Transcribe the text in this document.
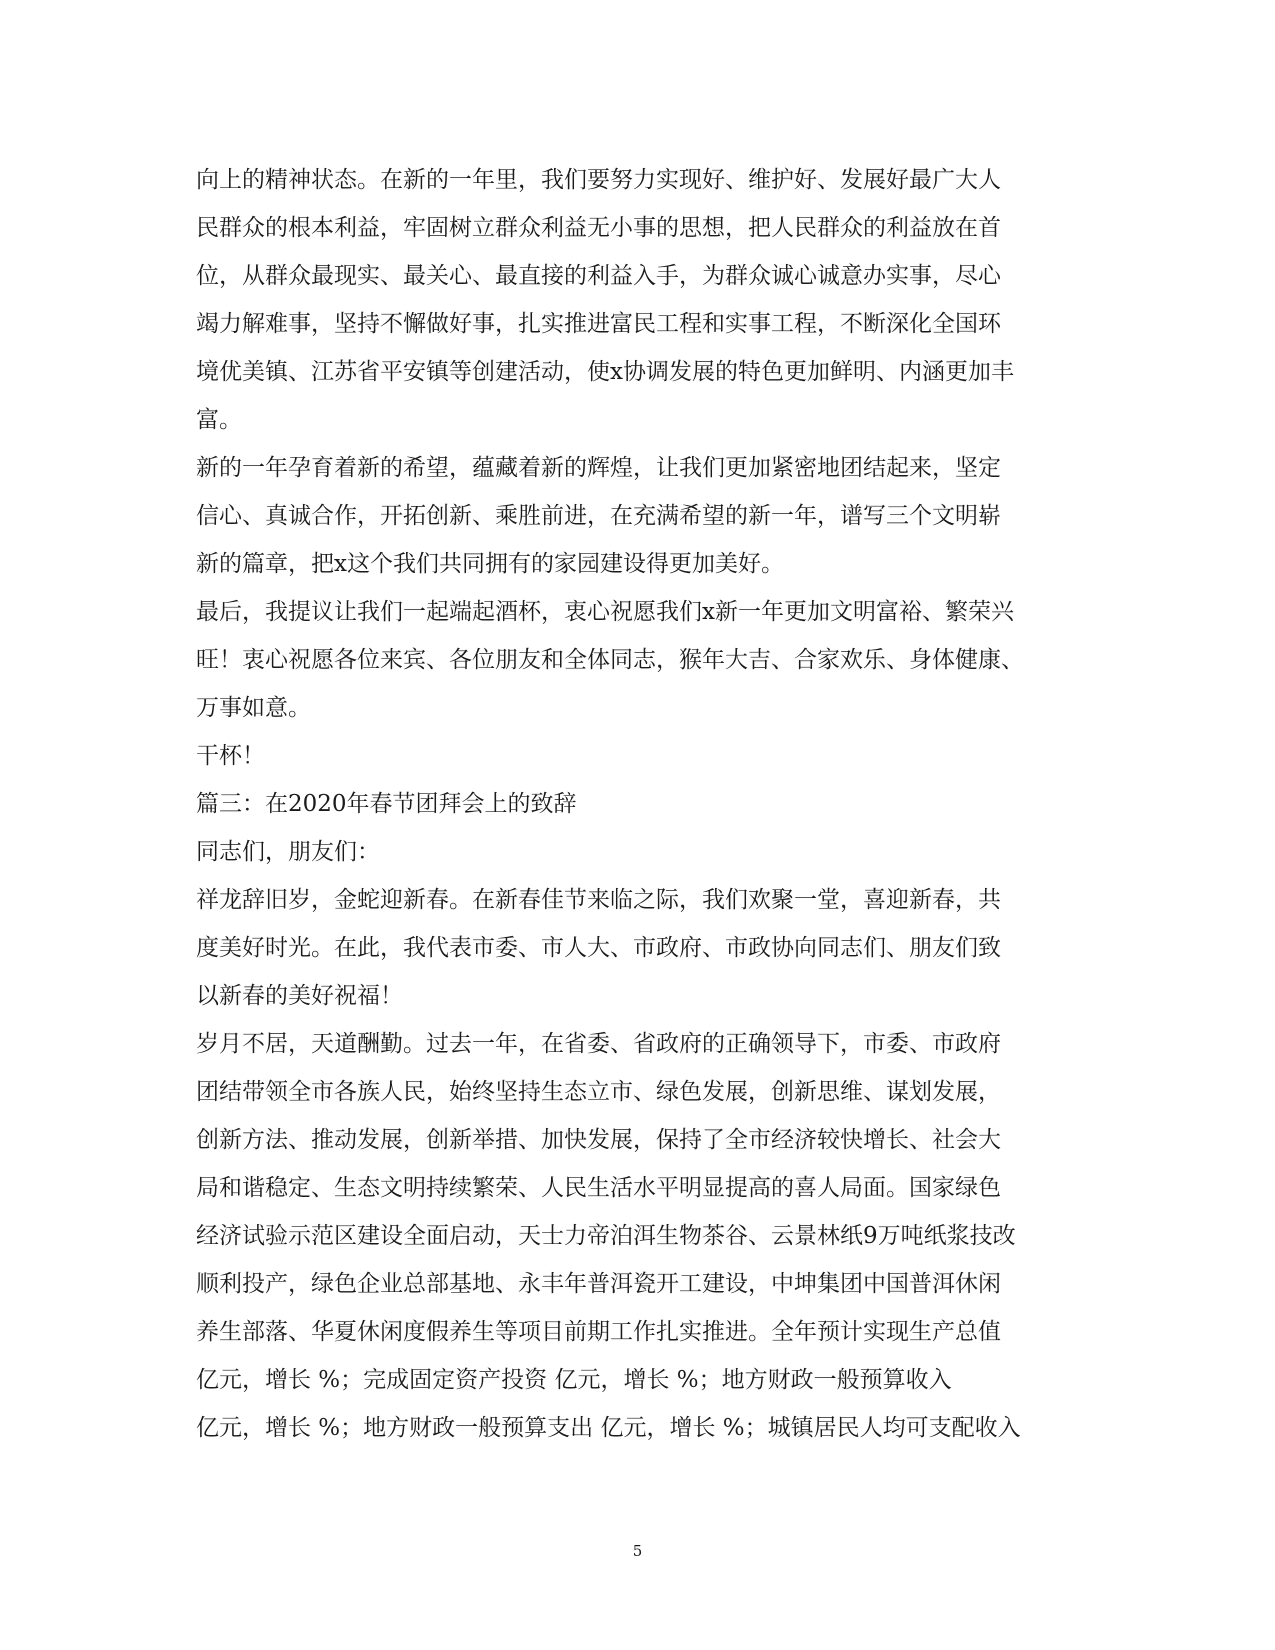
向上的精神状态。在新的一年里，我们要努力实现好、维护好、发展好最广大人
民群众的根本利益，牢固树立群众利益无小事的思想，把人民群众的利益放在首
位，从群众最现实、最关心、最直接的利益入手，为群众诚心诚意办实事，尽心
竭力解难事，坚持不懈做好事，扎实推进富民工程和实事工程，不断深化全国环
境优美镇、江苏省平安镇等创建活动，使x协调发展的特色更加鲜明、内涵更加丰
富。
新的一年孕育着新的希望，蕴藏着新的辉煌，让我们更加紧密地团结起来，坚定
信心、真诚合作，开拓创新、乘胜前进，在充满希望的新一年，谱写三个文明崭
新的篇章，把x这个我们共同拥有的家园建设得更加美好。
最后，我提议让我们一起端起酒杯，衷心祝愿我们x新一年更加文明富裕、繁荣兴
旺！衷心祝愿各位来宾、各位朋友和全体同志，猴年大吉、合家欢乐、身体健康、
万事如意。
干杯！
篇三：在2020年春节团拜会上的致辞
同志们，朋友们：
祥龙辞旧岁，金蛇迎新春。在新春佳节来临之际，我们欢聚一堂，喜迎新春，共
度美好时光。在此，我代表市委、市人大、市政府、市政协向同志们、朋友们致
以新春的美好祝福！
岁月不居，天道酬勤。过去一年，在省委、省政府的正确领导下，市委、市政府
团结带领全市各族人民，始终坚持生态立市、绿色发展，创新思维、谋划发展，
创新方法、推动发展，创新举措、加快发展，保持了全市经济较快增长、社会大
局和谐稳定、生态文明持续繁荣、人民生活水平明显提高的喜人局面。国家绿色
经济试验示范区建设全面启动，天士力帝泊洱生物茶谷、云景林纸9万吨纸浆技改
顺利投产，绿色企业总部基地、永丰年普洱瓷开工建设，中坤集团中国普洱休闲
养生部落、华夏休闲度假养生等项目前期工作扎实推进。全年预计实现生产总值
亿元，增长 %；完成固定资产投资 亿元，增长 %；地方财政一般预算收入
亿元，增长 %；地方财政一般预算支出 亿元，增长 %；城镇居民人均可支配收入
5
